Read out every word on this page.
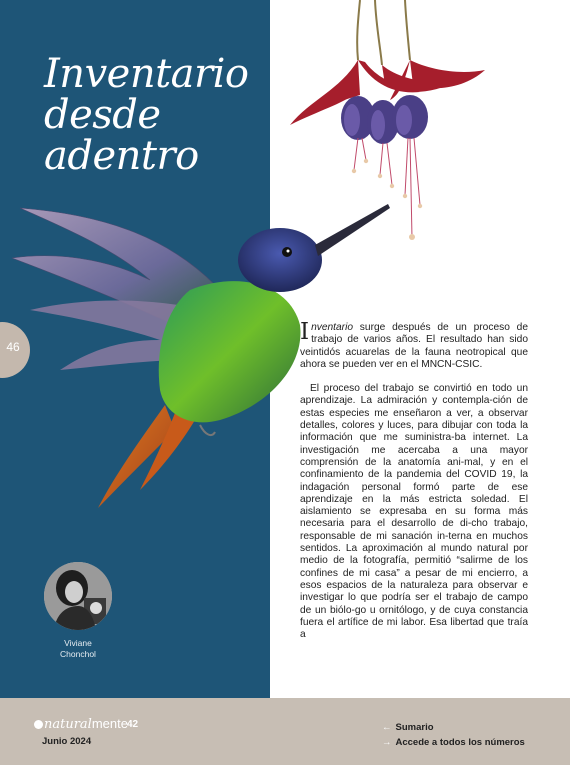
Inventario
desde
adentro
46
Viviane
Chonchol

Inventario surge después de un proceso de trabajo de varios años. El resultado han sido veintidós acuarelas de la fauna neotropical que ahora se pueden ver en el MNCN-CSIC.

El proceso del trabajo se convirtió en todo un aprendizaje. La admiración y contempla-ción de estas especies me enseñaron a ver, a observar detalles, colores y luces, para dibujar con toda la información que me suministra-ba internet. La investigación me acercaba a una mayor comprensión de la anatomía ani-mal, y en el confinamiento de la pandemia del COVID 19, la indagación personal formó parte de ese aprendizaje en la más estricta soledad. El aislamiento se expresaba en su forma más necesaria para el desarrollo de di-cho trabajo, responsable de mi sanación in-terna en muchos sentidos. La aproximación al mundo natural por medio de la fotografía, permitió “salirme de los confines de mi casa” a pesar de mi encierro, a esos espacios de la naturaleza para observar e investigar lo que podría ser el trabajo de campo de un biólo-go u ornitólogo, y de cuya constancia fuera el artífice de mi labor. Esa libertad que traía a

naturalmente 42
Junio 2024
← Sumario
→ Accede a todos los números
